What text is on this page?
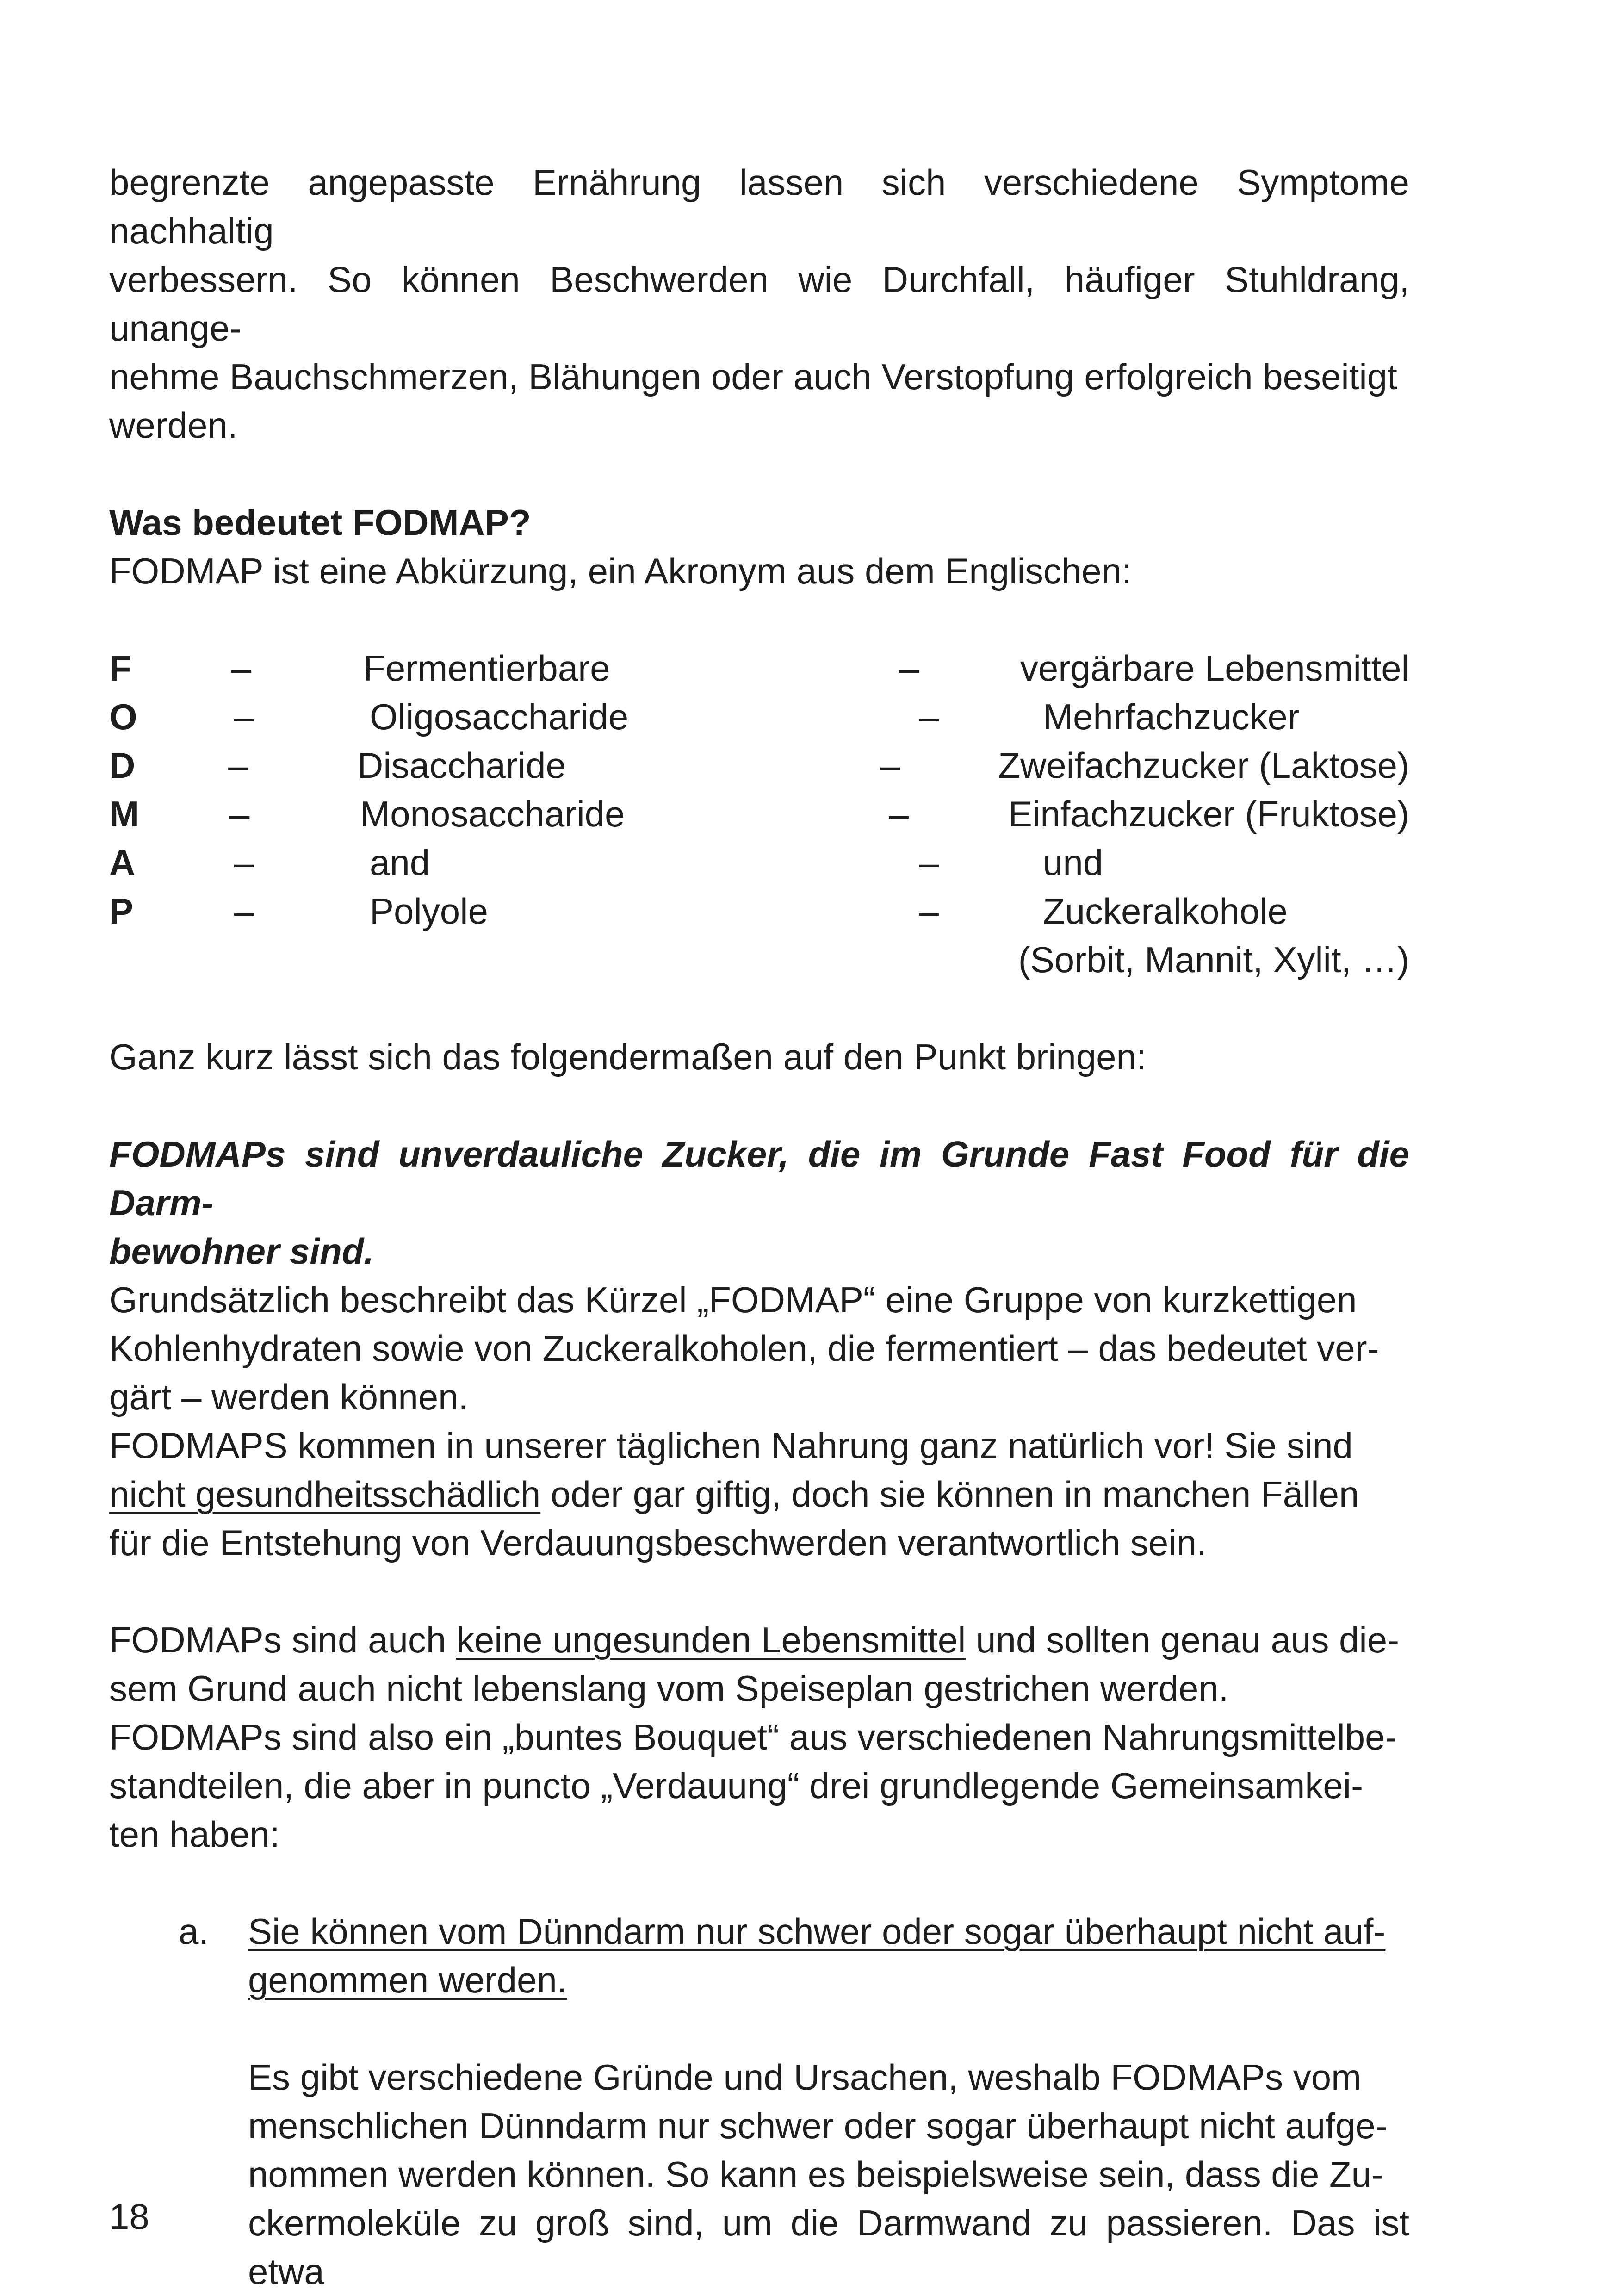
begrenzte angepasste Ernährung lassen sich verschiedene Symptome nachhaltig
verbessern. So können Beschwerden wie Durchfall, häufiger Stuhldrang, unange-
nehme Bauchschmerzen, Blähungen oder auch Verstopfung erfolgreich beseitigt
werden.
Was bedeutet FODMAP?
FODMAP ist eine Abkürzung, ein Akronym aus dem Englischen:
F	–	Fermentierbare	–	vergärbare Lebensmittel
O	–	Oligosaccharide	–	Mehrfachzucker
D	–	Disaccharide	–	Zweifachzucker (Laktose)
M	–	Monosaccharide	–	Einfachzucker (Fruktose)
A	–	and	–	und
P	–	Polyole	–	Zuckeralkohole
(Sorbit, Mannit, Xylit, …)
Ganz kurz lässt sich das folgendermaßen auf den Punkt bringen:
FODMAPs sind unverdauliche Zucker, die im Grunde Fast Food für die Darm-
bewohner sind.
Grundsätzlich beschreibt das Kürzel „FODMAP“ eine Gruppe von kurzkettigen
Kohlenhydraten sowie von Zuckeralkoholen, die fermentiert – das bedeutet ver-
gärt – werden können.
FODMAPS kommen in unserer täglichen Nahrung ganz natürlich vor! Sie sind
nicht gesundheitsschädlich oder gar giftig, doch sie können in manchen Fällen
für die Entstehung von Verdauungsbeschwerden verantwortlich sein.
FODMAPs sind auch keine ungesunden Lebensmittel und sollten genau aus die-
sem Grund auch nicht lebenslang vom Speiseplan gestrichen werden.
FODMAPs sind also ein „buntes Bouquet“ aus verschiedenen Nahrungsmittelbe-
standteilen, die aber in puncto „Verdauung“ drei grundlegende Gemeinsamkei-
ten haben:
a. Sie können vom Dünndarm nur schwer oder sogar überhaupt nicht auf-
genommen werden.
Es gibt verschiedene Gründe und Ursachen, weshalb FODMAPs vom
menschlichen Dünndarm nur schwer oder sogar überhaupt nicht aufge-
nommen werden können. So kann es beispielsweise sein, dass die Zu-
ckermoleküle zu groß sind, um die Darmwand zu passieren. Das ist etwa
18
